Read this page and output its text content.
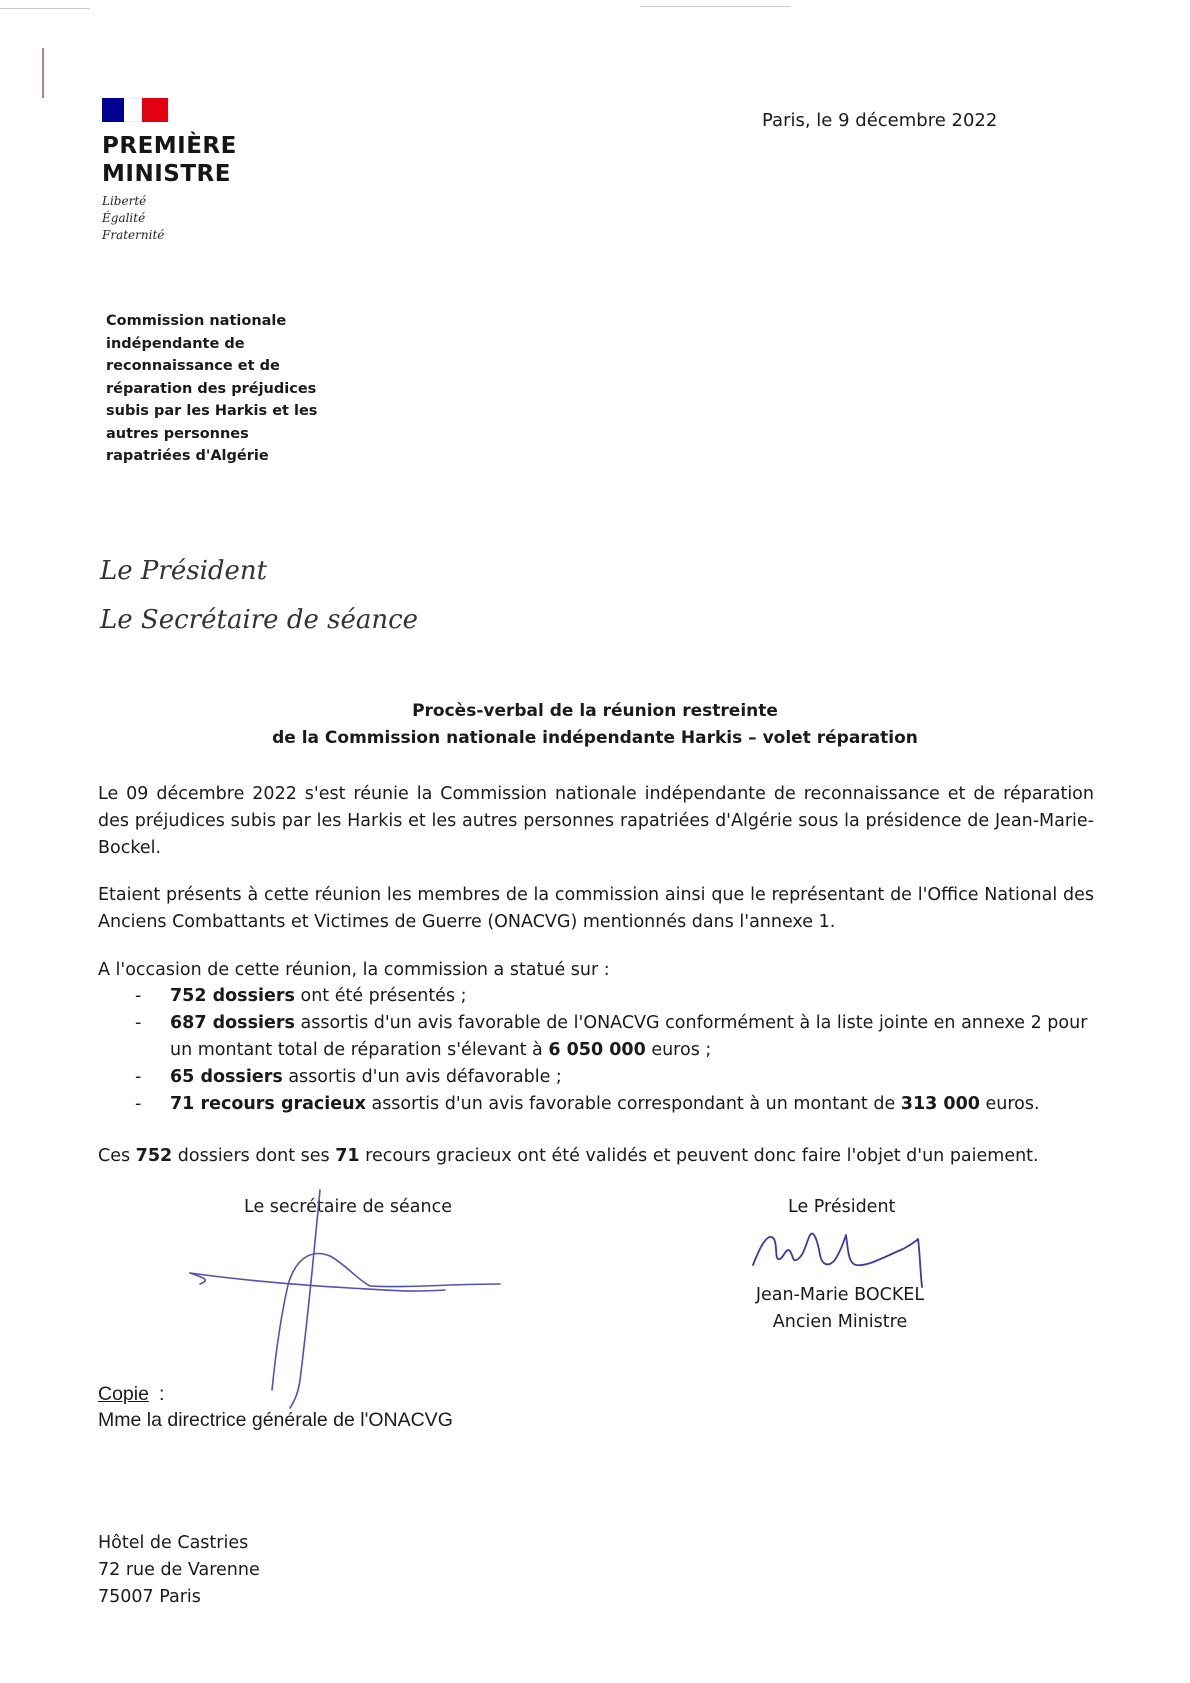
PREMIÈRE
MINISTRE
Liberté
Égalité
Fraternité
Paris, le 9 décembre 2022
Commission nationale
indépendante de
reconnaissance et de
réparation des préjudices
subis par les Harkis et les
autres personnes
rapatriées d'Algérie
Le Président
Le Secrétaire de séance
Procès-verbal de la réunion restreinte
de la Commission nationale indépendante Harkis – volet réparation
Le 09 décembre 2022 s'est réunie la Commission nationale indépendante de reconnaissance et de réparation des préjudices subis par les Harkis et les autres personnes rapatriées d'Algérie sous la présidence de Jean-Marie-Bockel.
Etaient présents à cette réunion les membres de la commission ainsi que le représentant de l'Office National des Anciens Combattants et Victimes de Guerre (ONACVG) mentionnés dans l'annexe 1.
A l'occasion de cette réunion, la commission a statué sur :
- 752 dossiers ont été présentés ;
- 687 dossiers assortis d'un avis favorable de l'ONACVG conformément à la liste jointe en annexe 2 pour un montant total de réparation s'élevant à 6 050 000 euros ;
- 65 dossiers assortis d'un avis défavorable ;
- 71 recours gracieux assortis d'un avis favorable correspondant à un montant de 313 000 euros.
Ces 752 dossiers dont ses 71 recours gracieux ont été validés et peuvent donc faire l'objet d'un paiement.
Le secrétaire de séance	Le Président
Jean-Marie BOCKEL
Ancien Ministre
Copie :
Mme la directrice générale de l'ONACVG
Hôtel de Castries
72 rue de Varenne
75007 Paris
